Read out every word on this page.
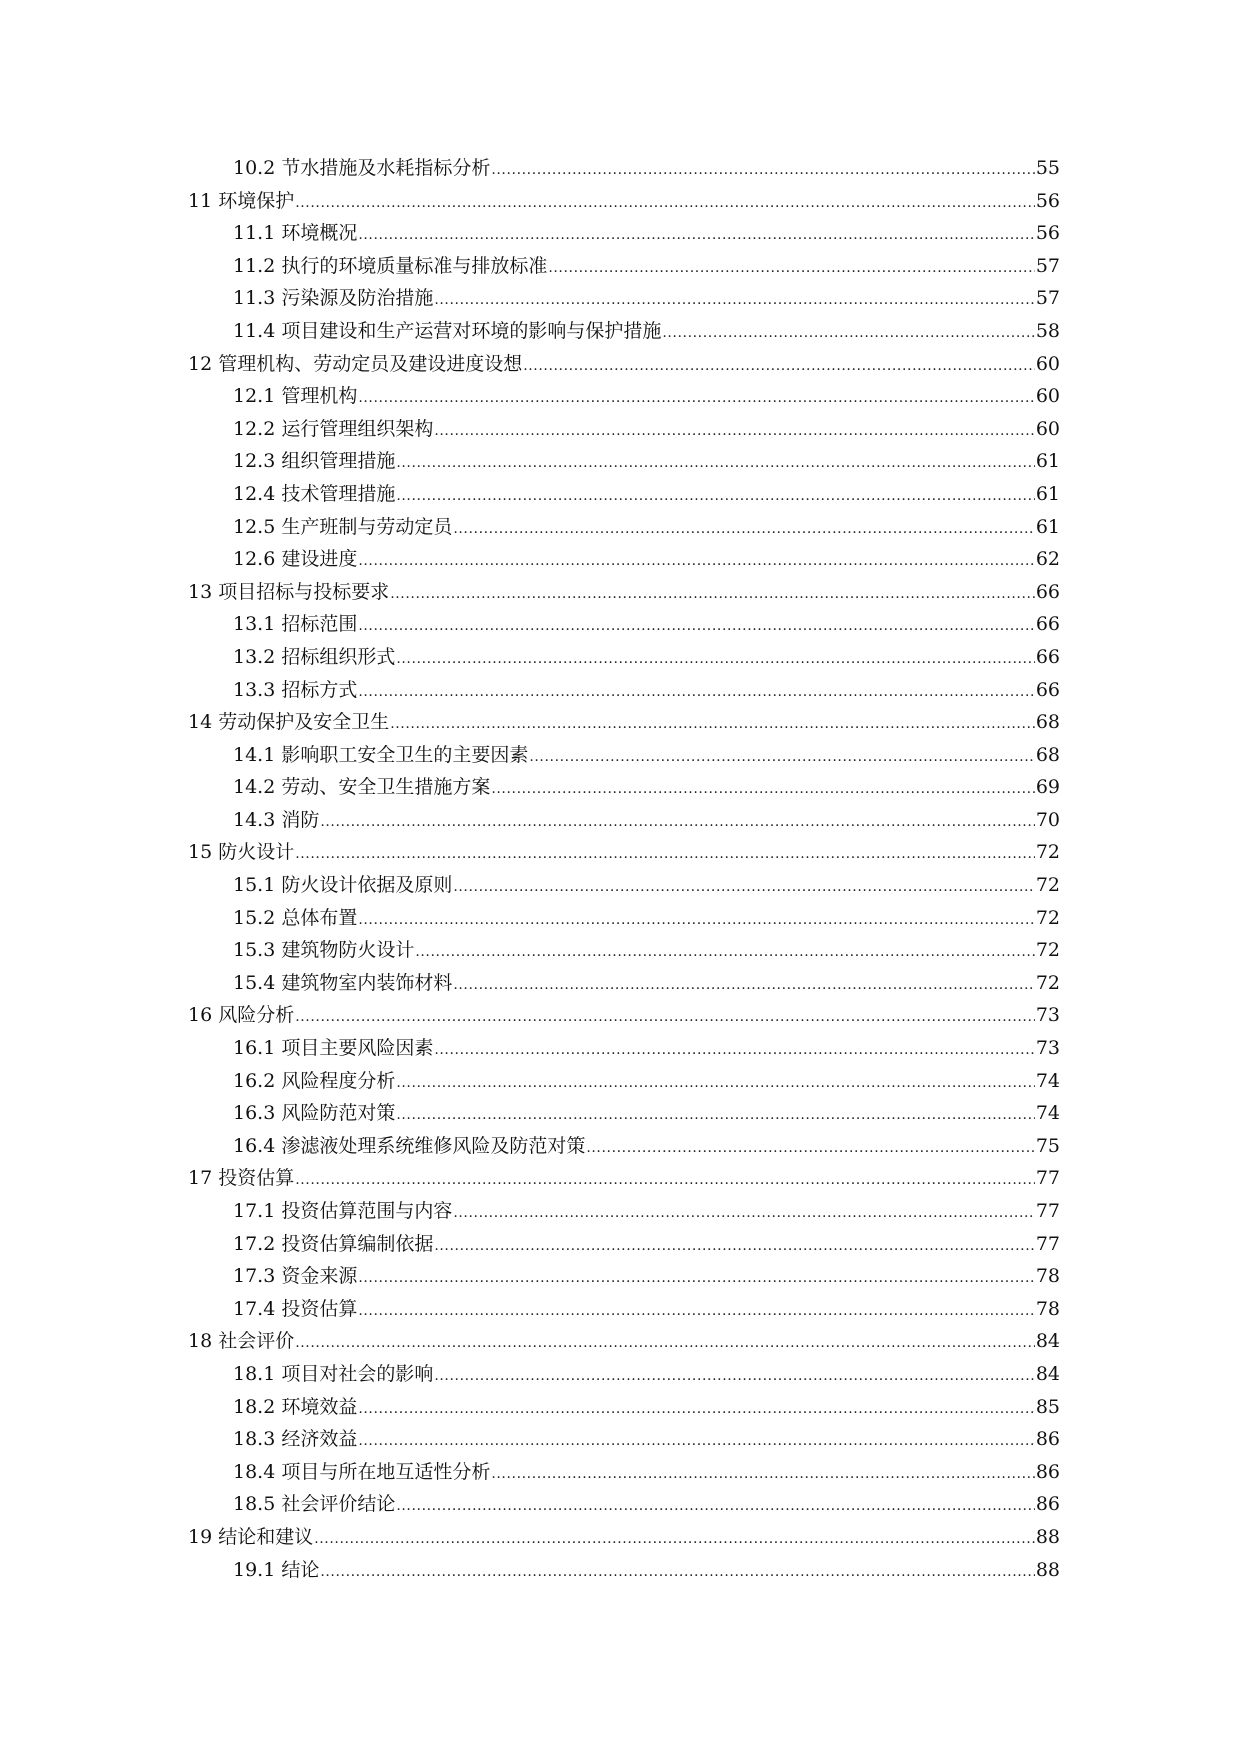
10.2 节水措施及水耗指标分析 .....	55
11 环境保护 .....	56
11.1 环境概况 .....	56
11.2 执行的环境质量标准与排放标准 .....	57
11.3 污染源及防治措施 .....	57
11.4 项目建设和生产运营对环境的影响与保护措施 .....	58
12 管理机构、劳动定员及建设进度设想 .....	60
12.1 管理机构 .....	60
12.2 运行管理组织架构 .....	60
12.3 组织管理措施 .....	61
12.4 技术管理措施 .....	61
12.5 生产班制与劳动定员 .....	61
12.6 建设进度 .....	62
13 项目招标与投标要求 .....	66
13.1 招标范围 .....	66
13.2 招标组织形式 .....	66
13.3 招标方式 .....	66
14 劳动保护及安全卫生 .....	68
14.1 影响职工安全卫生的主要因素 .....	68
14.2 劳动、安全卫生措施方案 .....	69
14.3 消防 .....	70
15 防火设计 .....	72
15.1 防火设计依据及原则 .....	72
15.2 总体布置 .....	72
15.3 建筑物防火设计 .....	72
15.4 建筑物室内装饰材料 .....	72
16 风险分析 .....	73
16.1 项目主要风险因素 .....	73
16.2 风险程度分析 .....	74
16.3 风险防范对策 .....	74
16.4 渗滤液处理系统维修风险及防范对策 .....	75
17 投资估算 .....	77
17.1 投资估算范围与内容 .....	77
17.2 投资估算编制依据 .....	77
17.3 资金来源 .....	78
17.4 投资估算 .....	78
18 社会评价 .....	84
18.1 项目对社会的影响 .....	84
18.2 环境效益 .....	85
18.3 经济效益 .....	86
18.4 项目与所在地互适性分析 .....	86
18.5 社会评价结论 .....	86
19 结论和建议 .....	88
19.1 结论 .....	88
